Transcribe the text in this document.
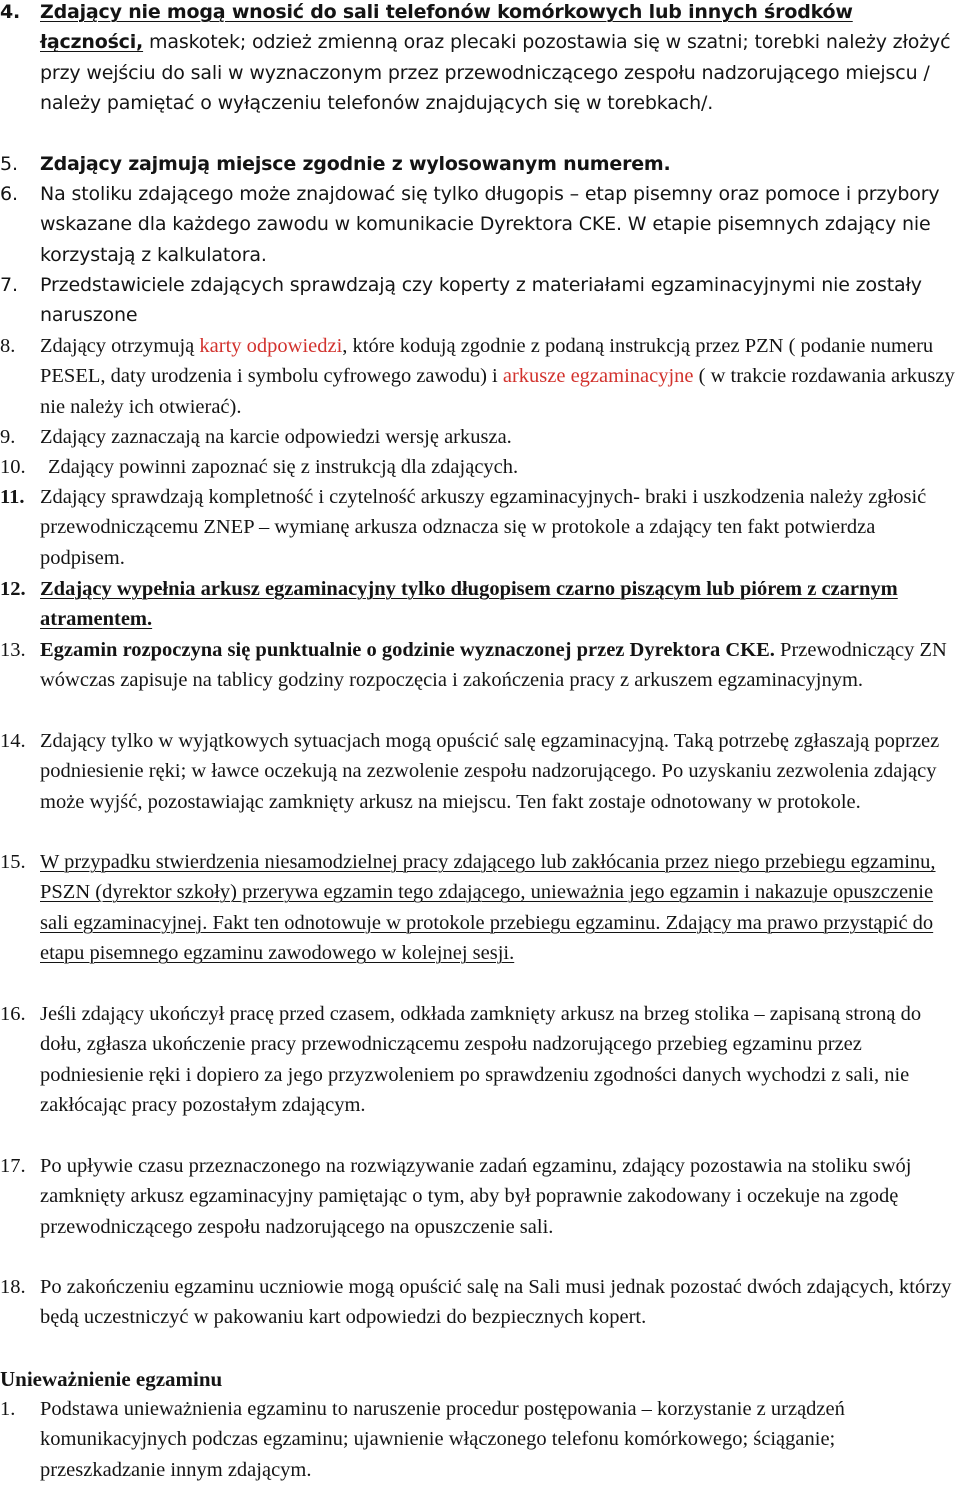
4. Zdający nie mogą wnosić do sali telefonów komórkowych lub innych środków łączności, maskotek; odzież zmienną oraz plecaki pozostawia się w szatni; torebki należy złożyć przy wejściu do sali w wyznaczonym przez przewodniczącego zespołu nadzorującego miejscu / należy pamiętać o wyłączeniu telefonów znajdujących się w torebkach/.
5. Zdający zajmują miejsce zgodnie z wylosowanym numerem.
6. Na stoliku zdającego może znajdować się tylko długopis – etap pisemny oraz pomoce i przybory wskazane dla każdego zawodu w komunikacie Dyrektora CKE. W etapie pisemnych zdający nie korzystają z kalkulatora.
7. Przedstawiciele zdających sprawdzają czy koperty z materiałami egzaminacyjnymi nie zostały naruszone
8. Zdający otrzymują karty odpowiedzi, które kodują zgodnie z podaną instrukcją przez PZN ( podanie numeru PESEL, daty urodzenia i symbolu cyfrowego zawodu) i arkusze egzaminacyjne ( w trakcie rozdawania arkuszy nie należy ich otwierać).
9. Zdający zaznaczają na karcie odpowiedzi wersję arkusza.
10. Zdający powinni zapoznać się z instrukcją dla zdających.
11. Zdający sprawdzają kompletność i czytelność arkuszy egzaminacyjnych- braki i uszkodzenia należy zgłosić przewodniczącemu ZNEP – wymianę arkusza odznacza się w protokole a zdający ten fakt potwierdza podpisem.
12. Zdający wypełnia arkusz egzaminacyjny tylko długopisem czarno piszącym lub piórem z czarnym atramentem.
13. Egzamin rozpoczyna się punktualnie o godzinie wyznaczonej przez Dyrektora CKE. Przewodniczący ZN wówczas zapisuje na tablicy godziny rozpoczęcia i zakończenia pracy z arkuszem egzaminacyjnym.
14. Zdający tylko w wyjątkowych sytuacjach mogą opuścić salę egzaminacyjną. Taką potrzebę zgłaszają poprzez podniesienie ręki; w ławce oczekują na zezwolenie zespołu nadzorującego. Po uzyskaniu zezwolenia zdający może wyjść, pozostawiając zamknięty arkusz na miejscu. Ten fakt zostaje odnotowany w protokole.
15. W przypadku stwierdzenia niesamodzielnej pracy zdającego lub zakłócania przez niego przebiegu egzaminu, PSZN (dyrektor szkoły) przerywa egzamin tego zdającego, unieważnia jego egzamin i nakazuje opuszczenie sali egzaminacyjnej. Fakt ten odnotowuje w protokole przebiegu egzaminu. Zdający ma prawo przystąpić do etapu pisemnego egzaminu zawodowego w kolejnej sesji.
16. Jeśli zdający ukończył pracę przed czasem, odkłada zamknięty arkusz na brzeg stolika – zapisaną stroną do dołu, zgłasza ukończenie pracy przewodniczącemu zespołu nadzorującego przebieg egzaminu przez podniesienie ręki i dopiero za jego przyzwoleniem po sprawdzeniu zgodności danych wychodzi z sali, nie zakłócając pracy pozostałym zdającym.
17. Po upływie czasu przeznaczonego na rozwiązywanie zadań egzaminu, zdający pozostawia na stoliku swój zamknięty arkusz egzaminacyjny pamiętając o tym, aby był poprawnie zakodowany i oczekuje na zgodę przewodniczącego zespołu nadzorującego na opuszczenie sali.
18. Po zakończeniu egzaminu uczniowie mogą opuścić salę na Sali musi jednak pozostać dwóch zdających, którzy będą uczestniczyć w pakowaniu kart odpowiedzi do bezpiecznych kopert.
Unieważnienie egzaminu
1. Podstawa unieważnienia egzaminu to naruszenie procedur postępowania – korzystanie z urządzeń komunikacyjnych podczas egzaminu; ujawnienie włączonego telefonu komórkowego; ściąganie; przeszkadzanie innym zdającym.
